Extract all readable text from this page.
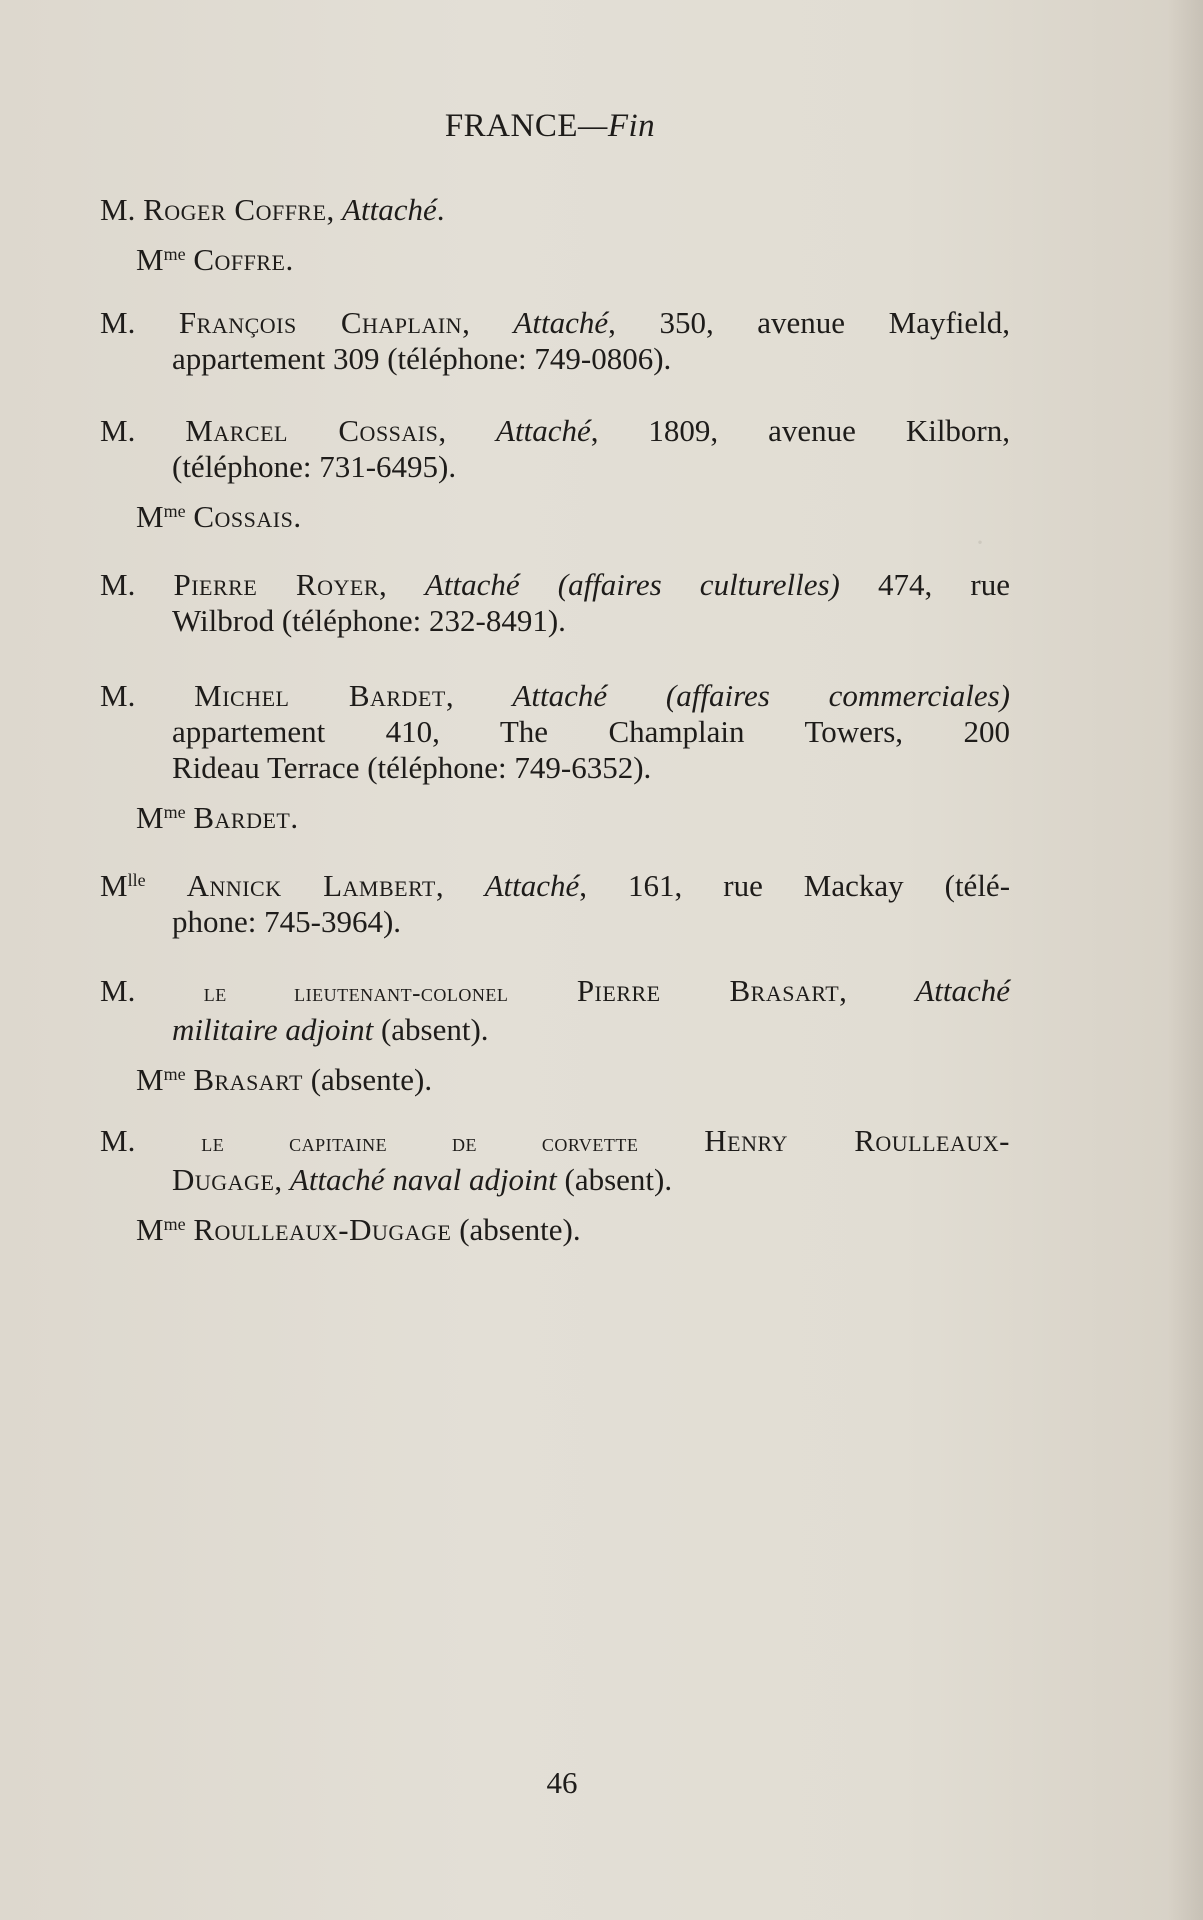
·
FRANCE—Fin
M. Roger Coffre, Attaché.
$M^{me}$ Coffre.
M. François Chaplain, Attaché, 350, avenue Mayfield,
appartement 309 (téléphone: 749-0806).
M. Marcel Cossais, Attaché, 1809, avenue Kilborn,
(téléphone: 731-6495).
$M^{me}$ Cossais.
M. Pierre Royer, Attaché (affaires culturelles) 474, rue
Wilbrod (téléphone: 232-8491).
M. Michel Bardet, Attaché (affaires commerciales)
appartement 410, The Champlain Towers, 200
Rideau Terrace (téléphone: 749-6352).
$M^{me}$ Bardet.
$M^{lle}$ Annick Lambert, Attaché, 161, rue Mackay (télé-
phone: 745-3964).
M.	le lieutenant-colonel Pierre Brasart, Attaché
militaire adjoint (absent).
$M^{me}$ Brasart (absente).
M.	le capitaine de corvette Henry Roulleaux-
Dugage, Attaché naval adjoint (absent).
$M^{me}$ Roulleaux-Dugage (absente).
46
